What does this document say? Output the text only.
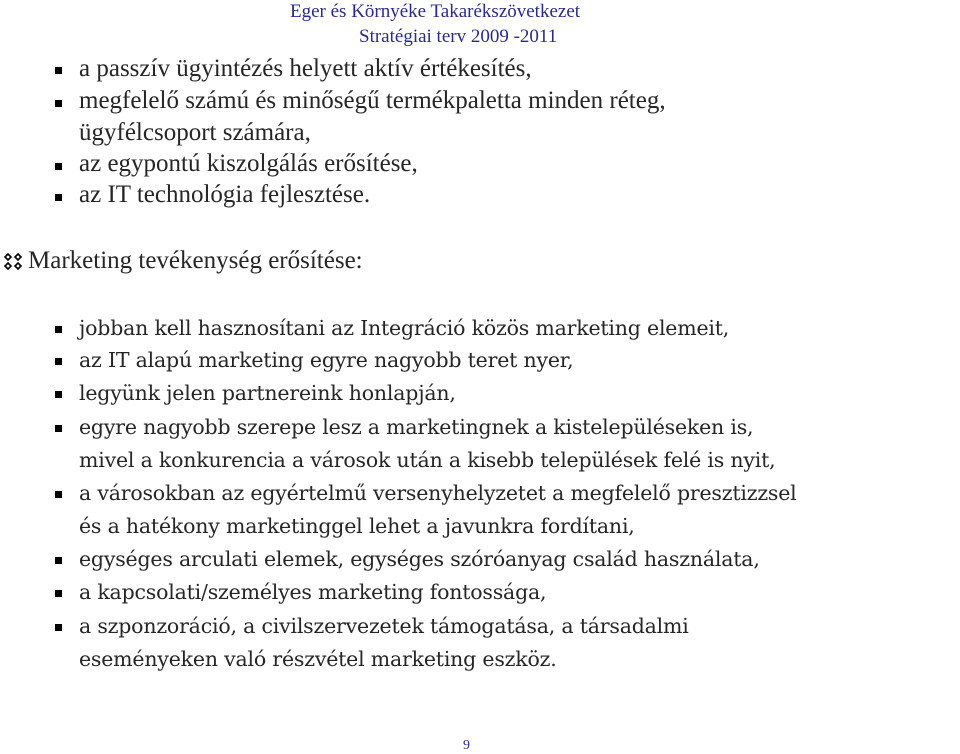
Eger és Környéke Takarékszövetkezet
Stratégiai terv 2009 -2011
a passzív ügyintézés helyett aktív értékesítés,
megfelelő számú és minőségű termékpaletta minden réteg,
ügyfélcsoport számára,
az egypontú kiszolgálás erősítése,
az IT technológia fejlesztése.
Marketing tevékenység erősítése:
jobban kell hasznosítani az Integráció közös marketing elemeit,
az IT alapú marketing egyre nagyobb teret nyer,
legyünk jelen partnereink honlapján,
egyre nagyobb szerepe lesz a marketingnek a kistelepüléseken is,
mivel a konkurencia a városok után a kisebb települések felé is nyit,
a városokban az egyértelmű versenyhelyzetet a megfelelő presztizzsel
és a hatékony marketinggel lehet a javunkra fordítani,
egységes arculati elemek, egységes szóróanyag család használata,
a kapcsolati/személyes marketing fontossága,
a szponzoráció, a civilszervezetek támogatása, a társadalmi
eseményeken való részvétel marketing eszköz.
9
